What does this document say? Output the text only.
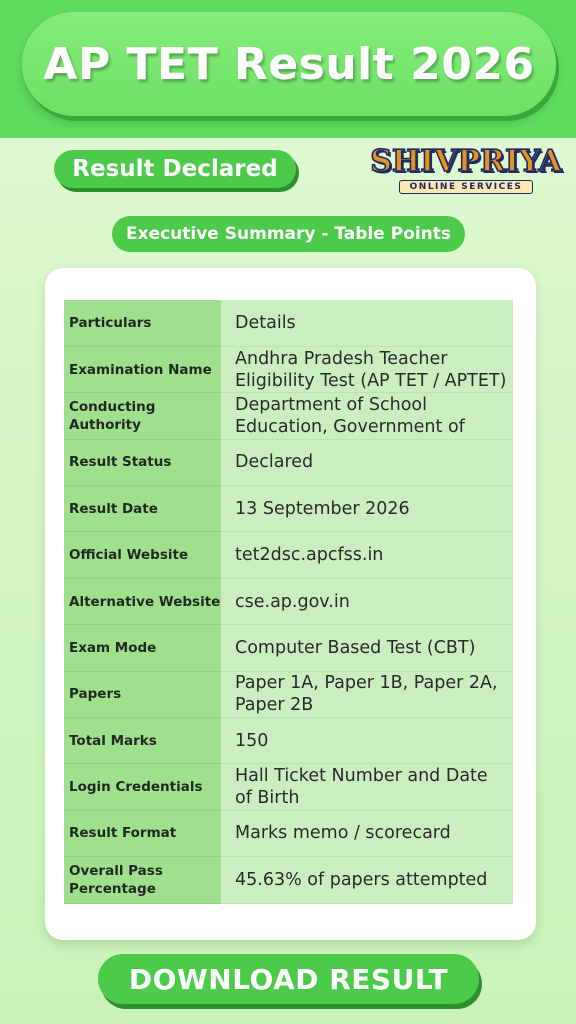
AP TET Result 2026
Result Declared	SHIVPRIYA
ONLINE SERVICES
Executive Summary - Table Points
Particulars	Details

Examination Name	Andhra Pradesh Teacher Eligibility Test (AP TET / APTET)

Conducting Authority	Department of School Education, Government of

Result Status	Declared

Result Date	13 September 2026

Official Website	tet2dsc.apcfss.in

Alternative Website	cse.ap.gov.in

Exam Mode	Computer Based Test (CBT)

Papers	Paper 1A, Paper 1B, Paper 2A, Paper 2B

Total Marks	150

Login Credentials	Hall Ticket Number and Date of Birth

Result Format	Marks memo / scorecard

Overall Pass Percentage	45.63% of papers attempted
DOWNLOAD RESULT
